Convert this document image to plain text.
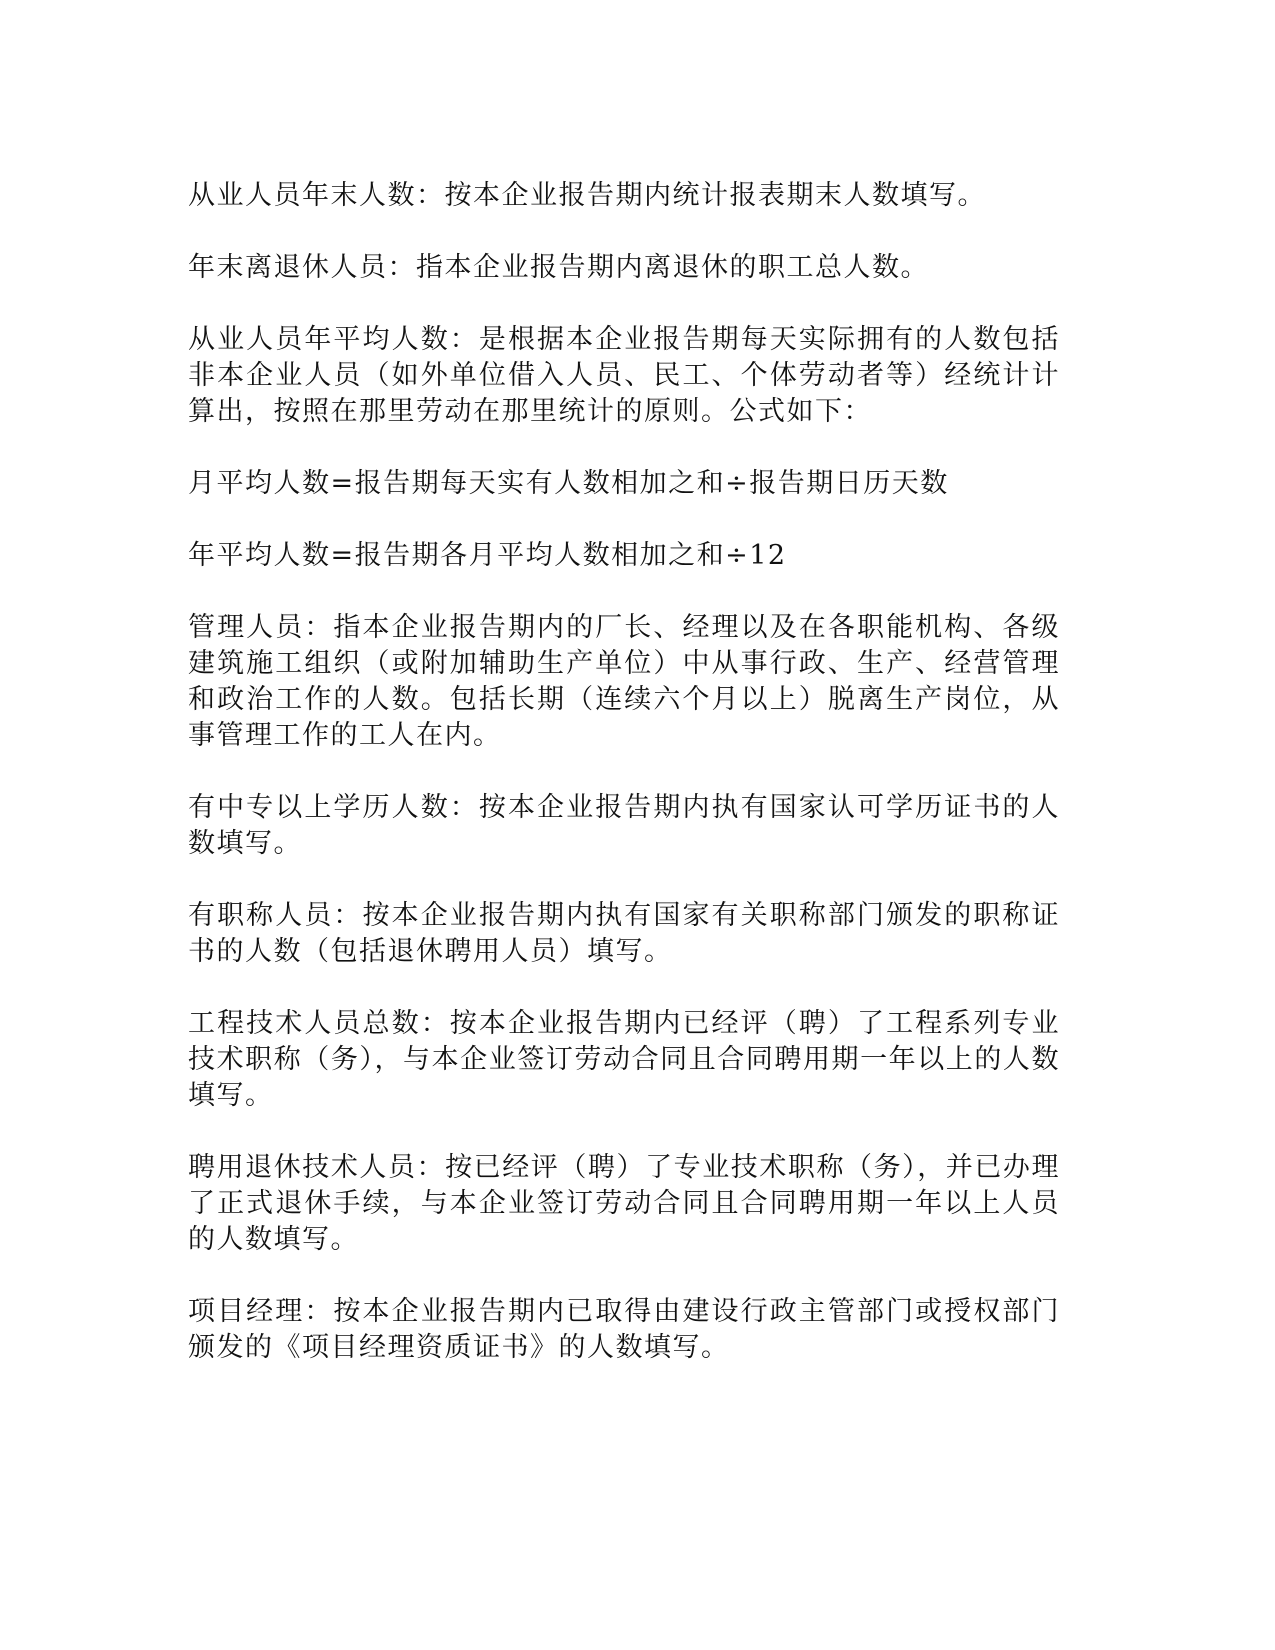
从业人员年末人数：按本企业报告期内统计报表期末人数填写。

年末离退休人员：指本企业报告期内离退休的职工总人数。

从业人员年平均人数：是根据本企业报告期每天实际拥有的人数包括非本企业人员（如外单位借入人员、民工、个体劳动者等）经统计计算出，按照在那里劳动在那里统计的原则。公式如下：

月平均人数=报告期每天实有人数相加之和÷报告期日历天数

年平均人数=报告期各月平均人数相加之和÷12

管理人员：指本企业报告期内的厂长、经理以及在各职能机构、各级建筑施工组织（或附加辅助生产单位）中从事行政、生产、经营管理和政治工作的人数。包括长期（连续六个月以上）脱离生产岗位，从事管理工作的工人在内。

有中专以上学历人数：按本企业报告期内执有国家认可学历证书的人数填写。

有职称人员：按本企业报告期内执有国家有关职称部门颁发的职称证书的人数（包括退休聘用人员）填写。

工程技术人员总数：按本企业报告期内已经评（聘）了工程系列专业技术职称（务），与本企业签订劳动合同且合同聘用期一年以上的人数填写。

聘用退休技术人员：按已经评（聘）了专业技术职称（务），并已办理了正式退休手续，与本企业签订劳动合同且合同聘用期一年以上人员的人数填写。

项目经理：按本企业报告期内已取得由建设行政主管部门或授权部门颁发的《项目经理资质证书》的人数填写。
